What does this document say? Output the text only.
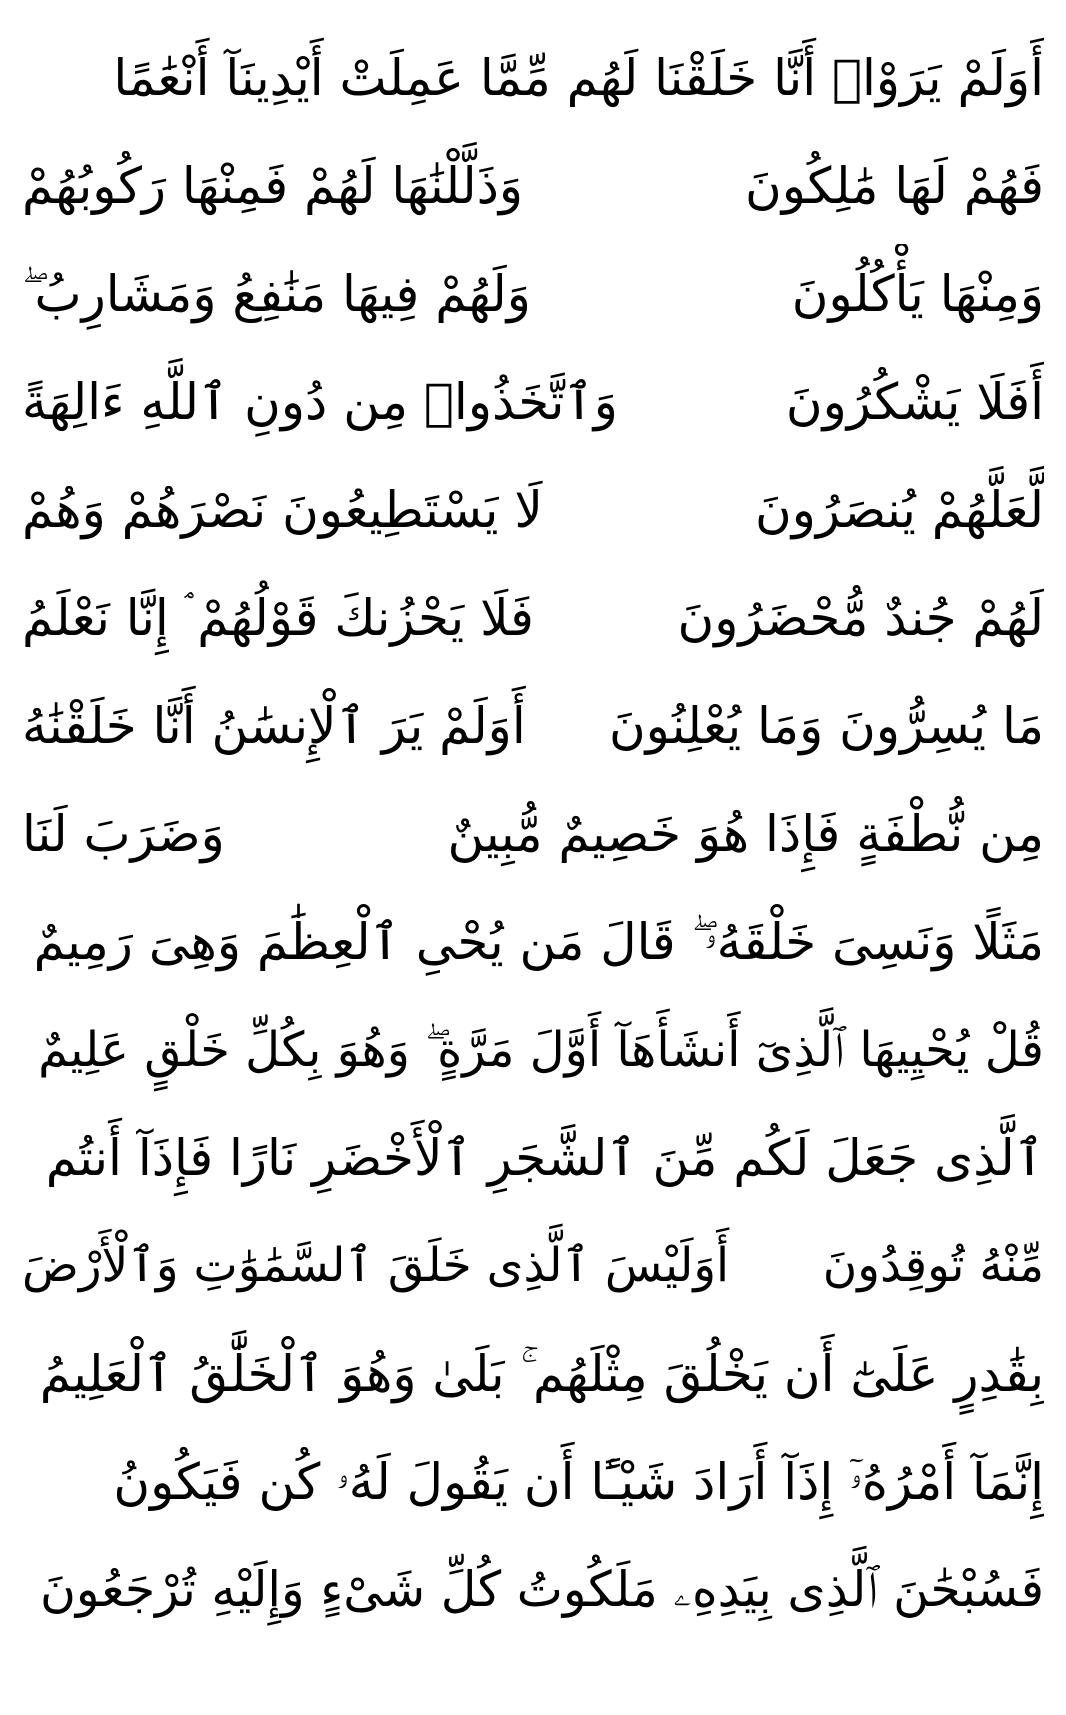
أَوَلَمْ يَرَوْا۟ أَنَّا خَلَقْنَا لَهُم مِّمَّا عَمِلَتْ أَيْدِينَآ أَنْعَٰمًا
فَهُمْ لَهَا مَٰلِكُونَ
وَذَلَّلْنَٰهَا لَهُمْ فَمِنْهَا رَكُوبُهُمْ
وَمِنْهَا يَأْكُلُونَ
وَلَهُمْ فِيهَا مَنَٰفِعُ وَمَشَارِبُ ۖ
أَفَلَا يَشْكُرُونَ
وَٱتَّخَذُوا۟ مِن دُونِ ٱللَّهِ ءَالِهَةً
لَّعَلَّهُمْ يُنصَرُونَ
لَا يَسْتَطِيعُونَ نَصْرَهُمْ وَهُمْ
لَهُمْ جُندٌ مُّحْضَرُونَ
فَلَا يَحْزُنكَ قَوْلُهُمْ ۘ إِنَّا نَعْلَمُ
مَا يُسِرُّونَ وَمَا يُعْلِنُونَ
أَوَلَمْ يَرَ ٱلْإِنسَٰنُ أَنَّا خَلَقْنَٰهُ
مِن نُّطْفَةٍ فَإِذَا هُوَ خَصِيمٌ مُّبِينٌ
وَضَرَبَ لَنَا
مَثَلًا وَنَسِىَ خَلْقَهُۥ ۖ قَالَ مَن يُحْىِ ٱلْعِظَٰمَ وَهِىَ رَمِيمٌ
قُلْ يُحْيِيهَا ٱلَّذِىٓ أَنشَأَهَآ أَوَّلَ مَرَّةٍ ۖ وَهُوَ بِكُلِّ خَلْقٍ عَلِيمٌ
ٱلَّذِى جَعَلَ لَكُم مِّنَ ٱلشَّجَرِ ٱلْأَخْضَرِ نَارًا فَإِذَآ أَنتُم
مِّنْهُ تُوقِدُونَ
أَوَلَيْسَ ٱلَّذِى خَلَقَ ٱلسَّمَٰوَٰتِ وَٱلْأَرْضَ
بِقَٰدِرٍ عَلَىٰٓ أَن يَخْلُقَ مِثْلَهُم ۚ بَلَىٰ وَهُوَ ٱلْخَلَّٰقُ ٱلْعَلِيمُ
إِنَّمَآ أَمْرُهُۥٓ إِذَآ أَرَادَ شَيْـًٔا أَن يَقُولَ لَهُۥ كُن فَيَكُونُ
فَسُبْحَٰنَ ٱلَّذِى بِيَدِهِۦ مَلَكُوتُ كُلِّ شَىْءٍ وَإِلَيْهِ تُرْجَعُونَ
